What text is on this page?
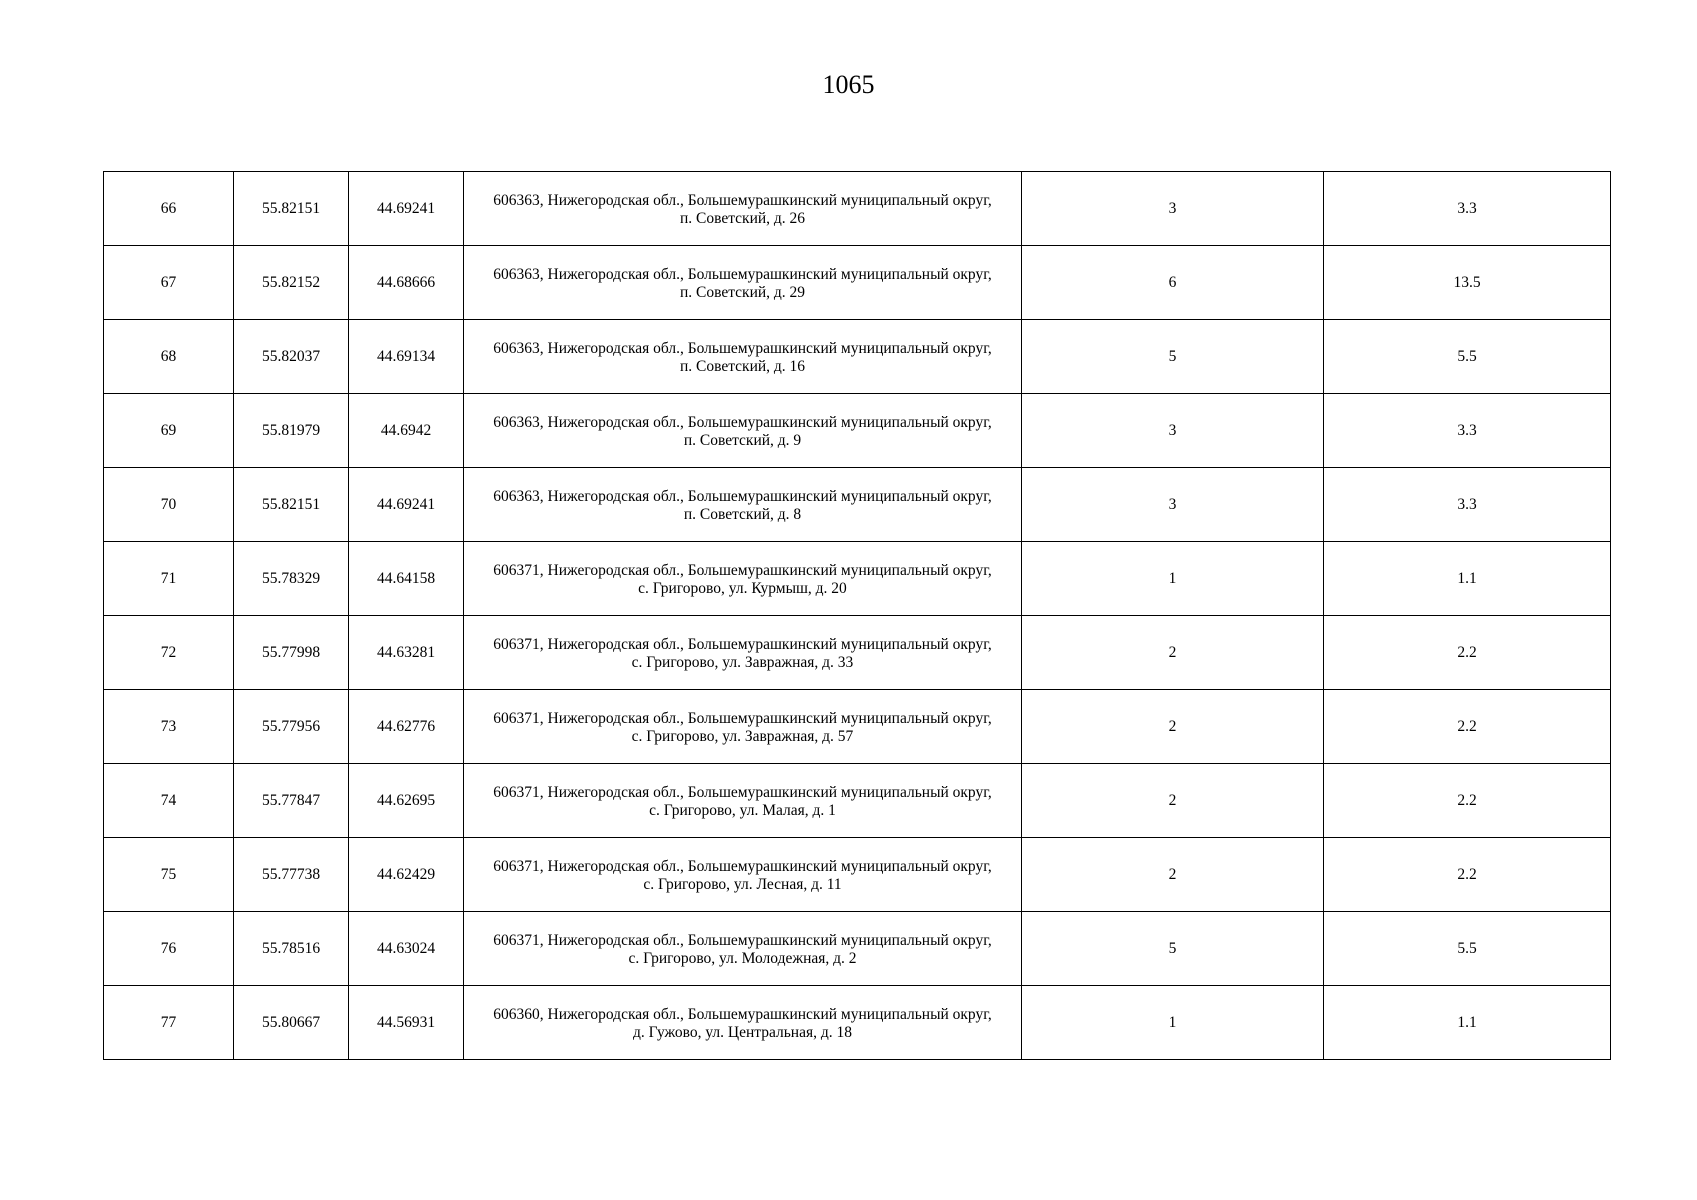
1065
66	55.82151	44.69241	606363, Нижегородская обл., Большемурашкинский муниципальный округ,
п. Советский, д. 26	3	3.3
67	55.82152	44.68666	606363, Нижегородская обл., Большемурашкинский муниципальный округ,
п. Советский, д. 29	6	13.5
68	55.82037	44.69134	606363, Нижегородская обл., Большемурашкинский муниципальный округ,
п. Советский, д. 16	5	5.5
69	55.81979	44.6942	606363, Нижегородская обл., Большемурашкинский муниципальный округ,
п. Советский, д. 9	3	3.3
70	55.82151	44.69241	606363, Нижегородская обл., Большемурашкинский муниципальный округ,
п. Советский, д. 8	3	3.3
71	55.78329	44.64158	606371, Нижегородская обл., Большемурашкинский муниципальный округ,
с. Григорово, ул. Курмыш, д. 20	1	1.1
72	55.77998	44.63281	606371, Нижегородская обл., Большемурашкинский муниципальный округ,
с. Григорово, ул. Завражная, д. 33	2	2.2
73	55.77956	44.62776	606371, Нижегородская обл., Большемурашкинский муниципальный округ,
с. Григорово, ул. Завражная, д. 57	2	2.2
74	55.77847	44.62695	606371, Нижегородская обл., Большемурашкинский муниципальный округ,
с. Григорово, ул. Малая, д. 1	2	2.2
75	55.77738	44.62429	606371, Нижегородская обл., Большемурашкинский муниципальный округ,
с. Григорово, ул. Лесная, д. 11	2	2.2
76	55.78516	44.63024	606371, Нижегородская обл., Большемурашкинский муниципальный округ,
с. Григорово, ул. Молодежная, д. 2	5	5.5
77	55.80667	44.56931	606360, Нижегородская обл., Большемурашкинский муниципальный округ,
д. Гужово, ул. Центральная, д. 18	1	1.1
